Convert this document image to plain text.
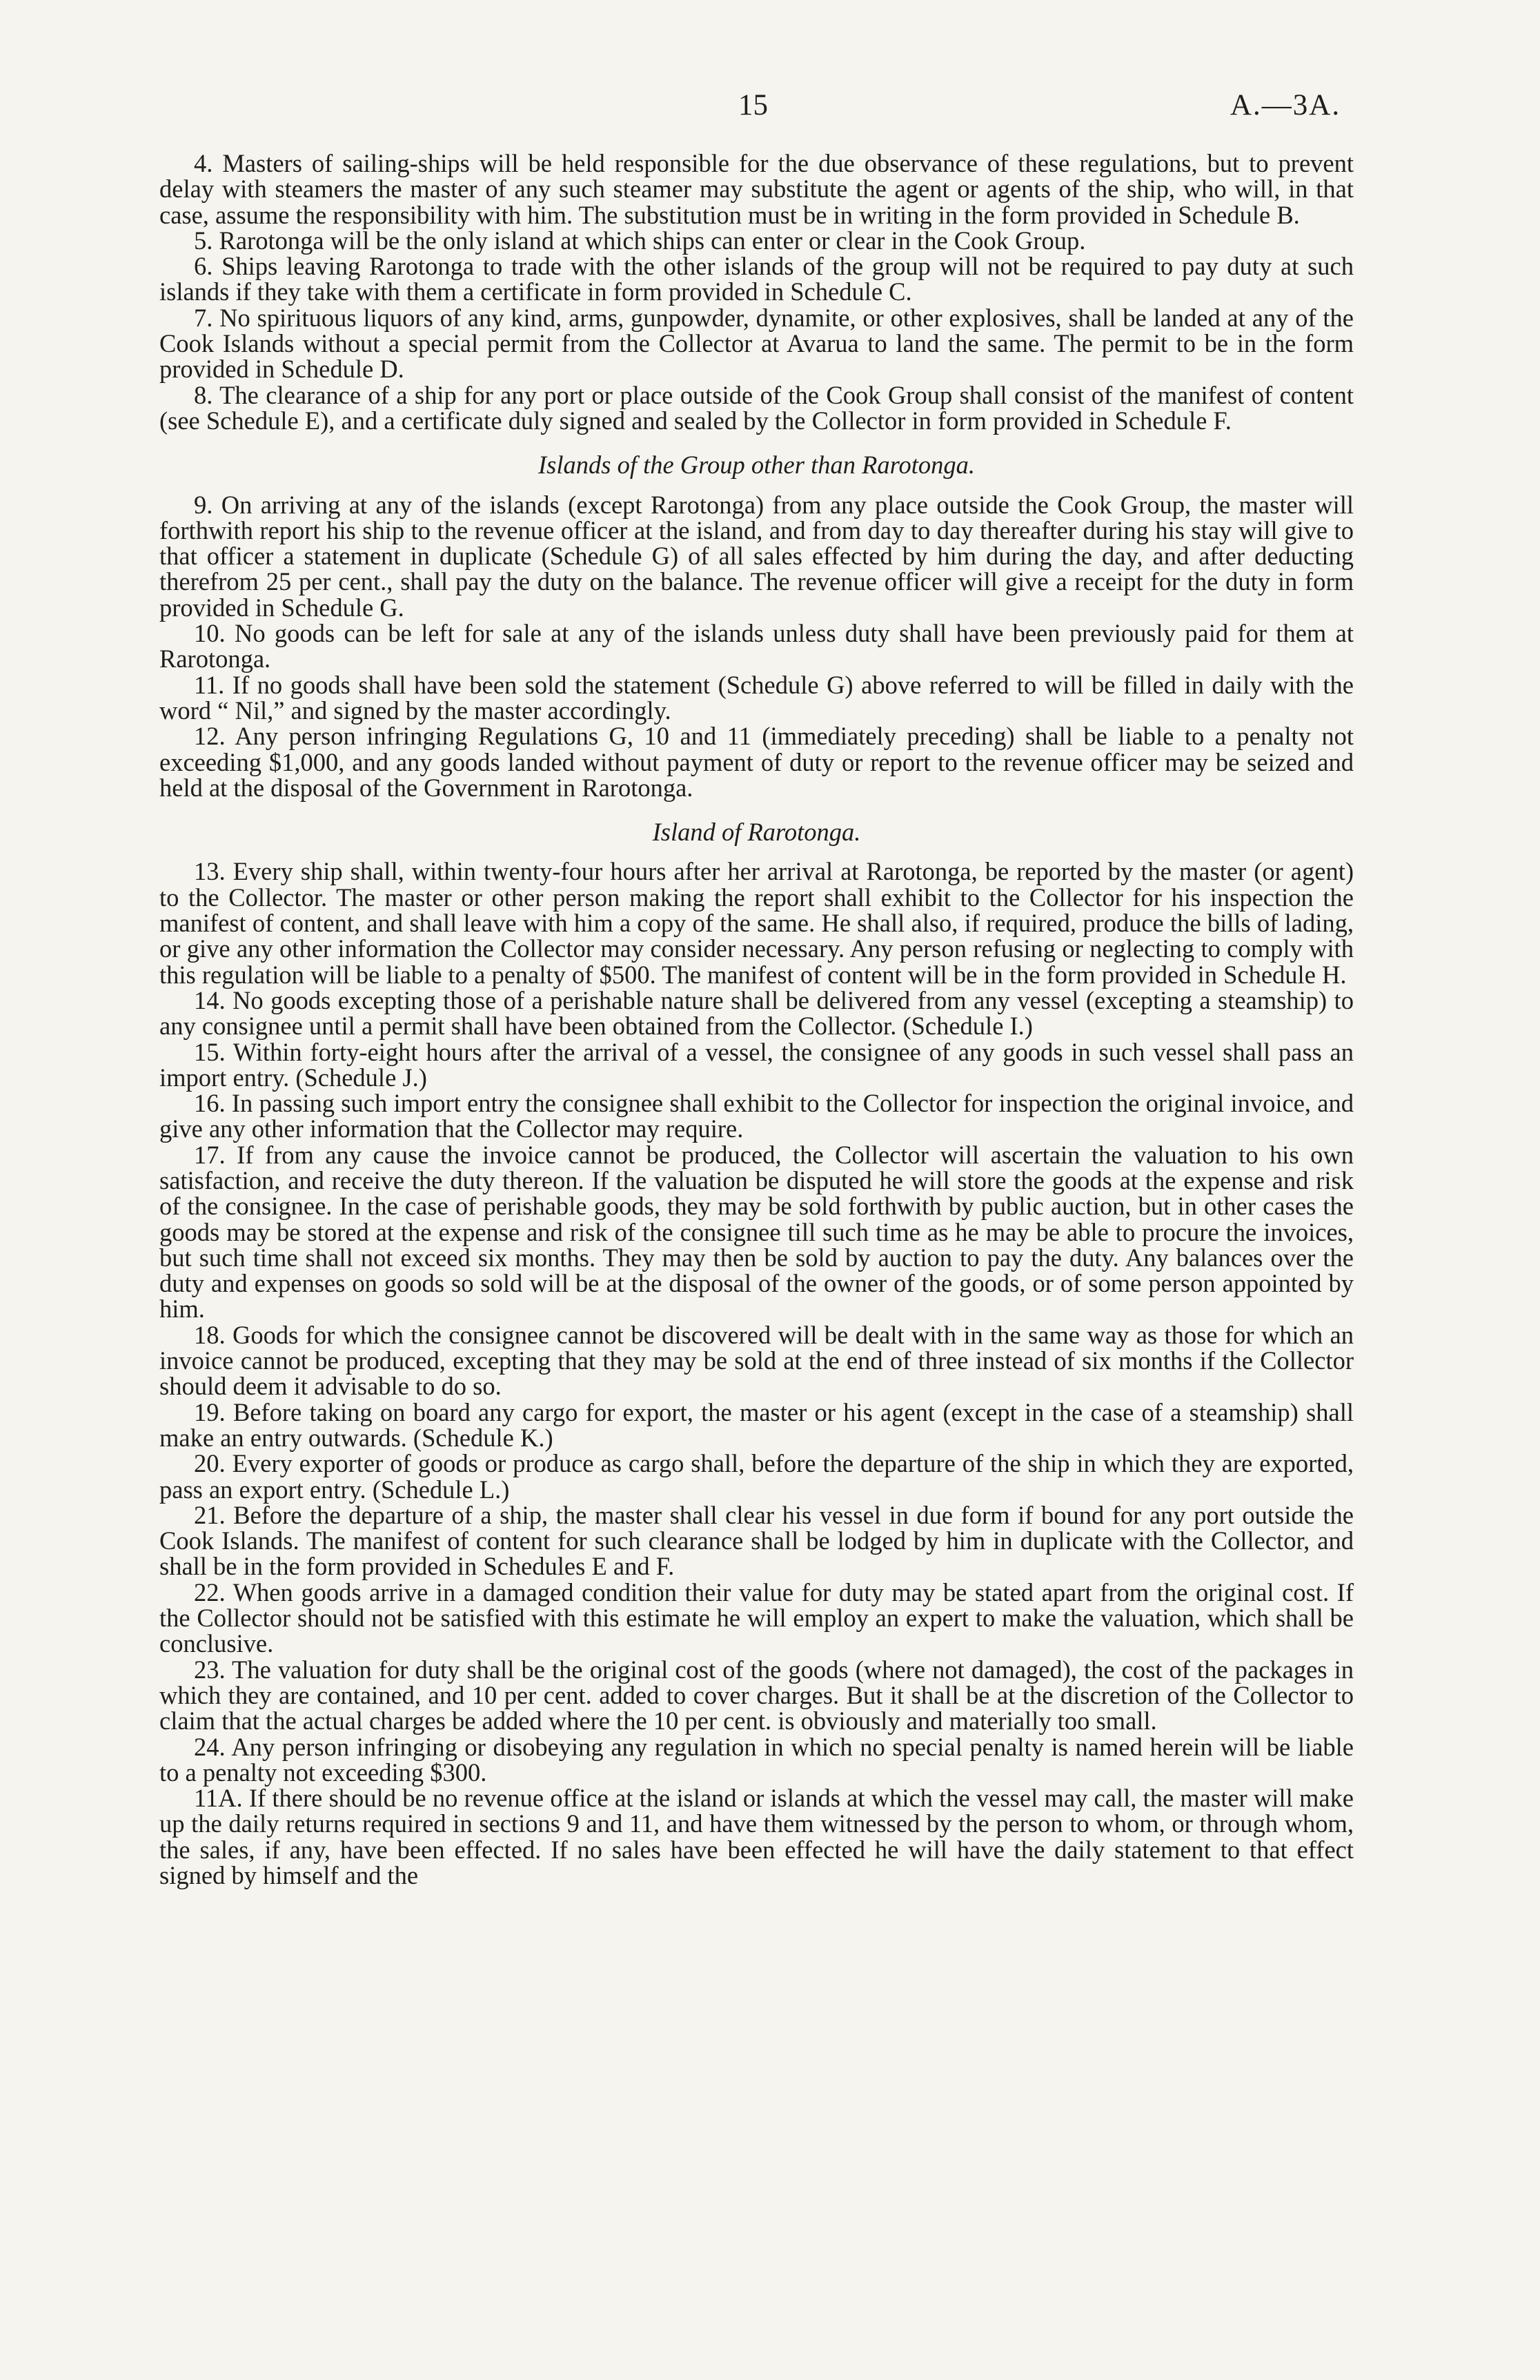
15	A.—3A.

4. Masters of sailing-ships will be held responsible for the due observance of these regulations, but to prevent delay with steamers the master of any such steamer may substitute the agent or agents of the ship, who will, in that case, assume the responsibility with him. The substitution must be in writing in the form provided in Schedule B.

5. Rarotonga will be the only island at which ships can enter or clear in the Cook Group.

6. Ships leaving Rarotonga to trade with the other islands of the group will not be required to pay duty at such islands if they take with them a certificate in form provided in Schedule C.

7. No spirituous liquors of any kind, arms, gunpowder, dynamite, or other explosives, shall be landed at any of the Cook Islands without a special permit from the Collector at Avarua to land the same. The permit to be in the form provided in Schedule D.

8. The clearance of a ship for any port or place outside of the Cook Group shall consist of the manifest of content (see Schedule E), and a certificate duly signed and sealed by the Collector in form provided in Schedule F.

Islands of the Group other than Rarotonga.

9. On arriving at any of the islands (except Rarotonga) from any place outside the Cook Group, the master will forthwith report his ship to the revenue officer at the island, and from day to day thereafter during his stay will give to that officer a statement in duplicate (Schedule G) of all sales effected by him during the day, and after deducting therefrom 25 per cent., shall pay the duty on the balance. The revenue officer will give a receipt for the duty in form provided in Schedule G.

10. No goods can be left for sale at any of the islands unless duty shall have been previously paid for them at Rarotonga.

11. If no goods shall have been sold the statement (Schedule G) above referred to will be filled in daily with the word “ Nil,” and signed by the master accordingly.

12. Any person infringing Regulations G, 10 and 11 (immediately preceding) shall be liable to a penalty not exceeding $1,000, and any goods landed without payment of duty or report to the revenue officer may be seized and held at the disposal of the Government in Rarotonga.

Island of Rarotonga.

13. Every ship shall, within twenty-four hours after her arrival at Rarotonga, be reported by the master (or agent) to the Collector. The master or other person making the report shall exhibit to the Collector for his inspection the manifest of content, and shall leave with him a copy of the same. He shall also, if required, produce the bills of lading, or give any other information the Collector may consider necessary. Any person refusing or neglecting to comply with this regulation will be liable to a penalty of $500. The manifest of content will be in the form provided in Schedule H.

14. No goods excepting those of a perishable nature shall be delivered from any vessel (excepting a steamship) to any consignee until a permit shall have been obtained from the Collector. (Schedule I.)

15. Within forty-eight hours after the arrival of a vessel, the consignee of any goods in such vessel shall pass an import entry. (Schedule J.)

16. In passing such import entry the consignee shall exhibit to the Collector for inspection the original invoice, and give any other information that the Collector may require.

17. If from any cause the invoice cannot be produced, the Collector will ascertain the valuation to his own satisfaction, and receive the duty thereon. If the valuation be disputed he will store the goods at the expense and risk of the consignee. In the case of perishable goods, they may be sold forthwith by public auction, but in other cases the goods may be stored at the expense and risk of the consignee till such time as he may be able to procure the invoices, but such time shall not exceed six months. They may then be sold by auction to pay the duty. Any balances over the duty and expenses on goods so sold will be at the disposal of the owner of the goods, or of some person appointed by him.

18. Goods for which the consignee cannot be discovered will be dealt with in the same way as those for which an invoice cannot be produced, excepting that they may be sold at the end of three instead of six months if the Collector should deem it advisable to do so.

19. Before taking on board any cargo for export, the master or his agent (except in the case of a steamship) shall make an entry outwards. (Schedule K.)

20. Every exporter of goods or produce as cargo shall, before the departure of the ship in which they are exported, pass an export entry. (Schedule L.)

21. Before the departure of a ship, the master shall clear his vessel in due form if bound for any port outside the Cook Islands. The manifest of content for such clearance shall be lodged by him in duplicate with the Collector, and shall be in the form provided in Schedules E and F.

22. When goods arrive in a damaged condition their value for duty may be stated apart from the original cost. If the Collector should not be satisfied with this estimate he will employ an expert to make the valuation, which shall be conclusive.

23. The valuation for duty shall be the original cost of the goods (where not damaged), the cost of the packages in which they are contained, and 10 per cent. added to cover charges. But it shall be at the discretion of the Collector to claim that the actual charges be added where the 10 per cent. is obviously and materially too small.

24. Any person infringing or disobeying any regulation in which no special penalty is named herein will be liable to a penalty not exceeding $300.

11A. If there should be no revenue office at the island or islands at which the vessel may call, the master will make up the daily returns required in sections 9 and 11, and have them witnessed by the person to whom, or through whom, the sales, if any, have been effected. If no sales have been effected he will have the daily statement to that effect signed by himself and the
